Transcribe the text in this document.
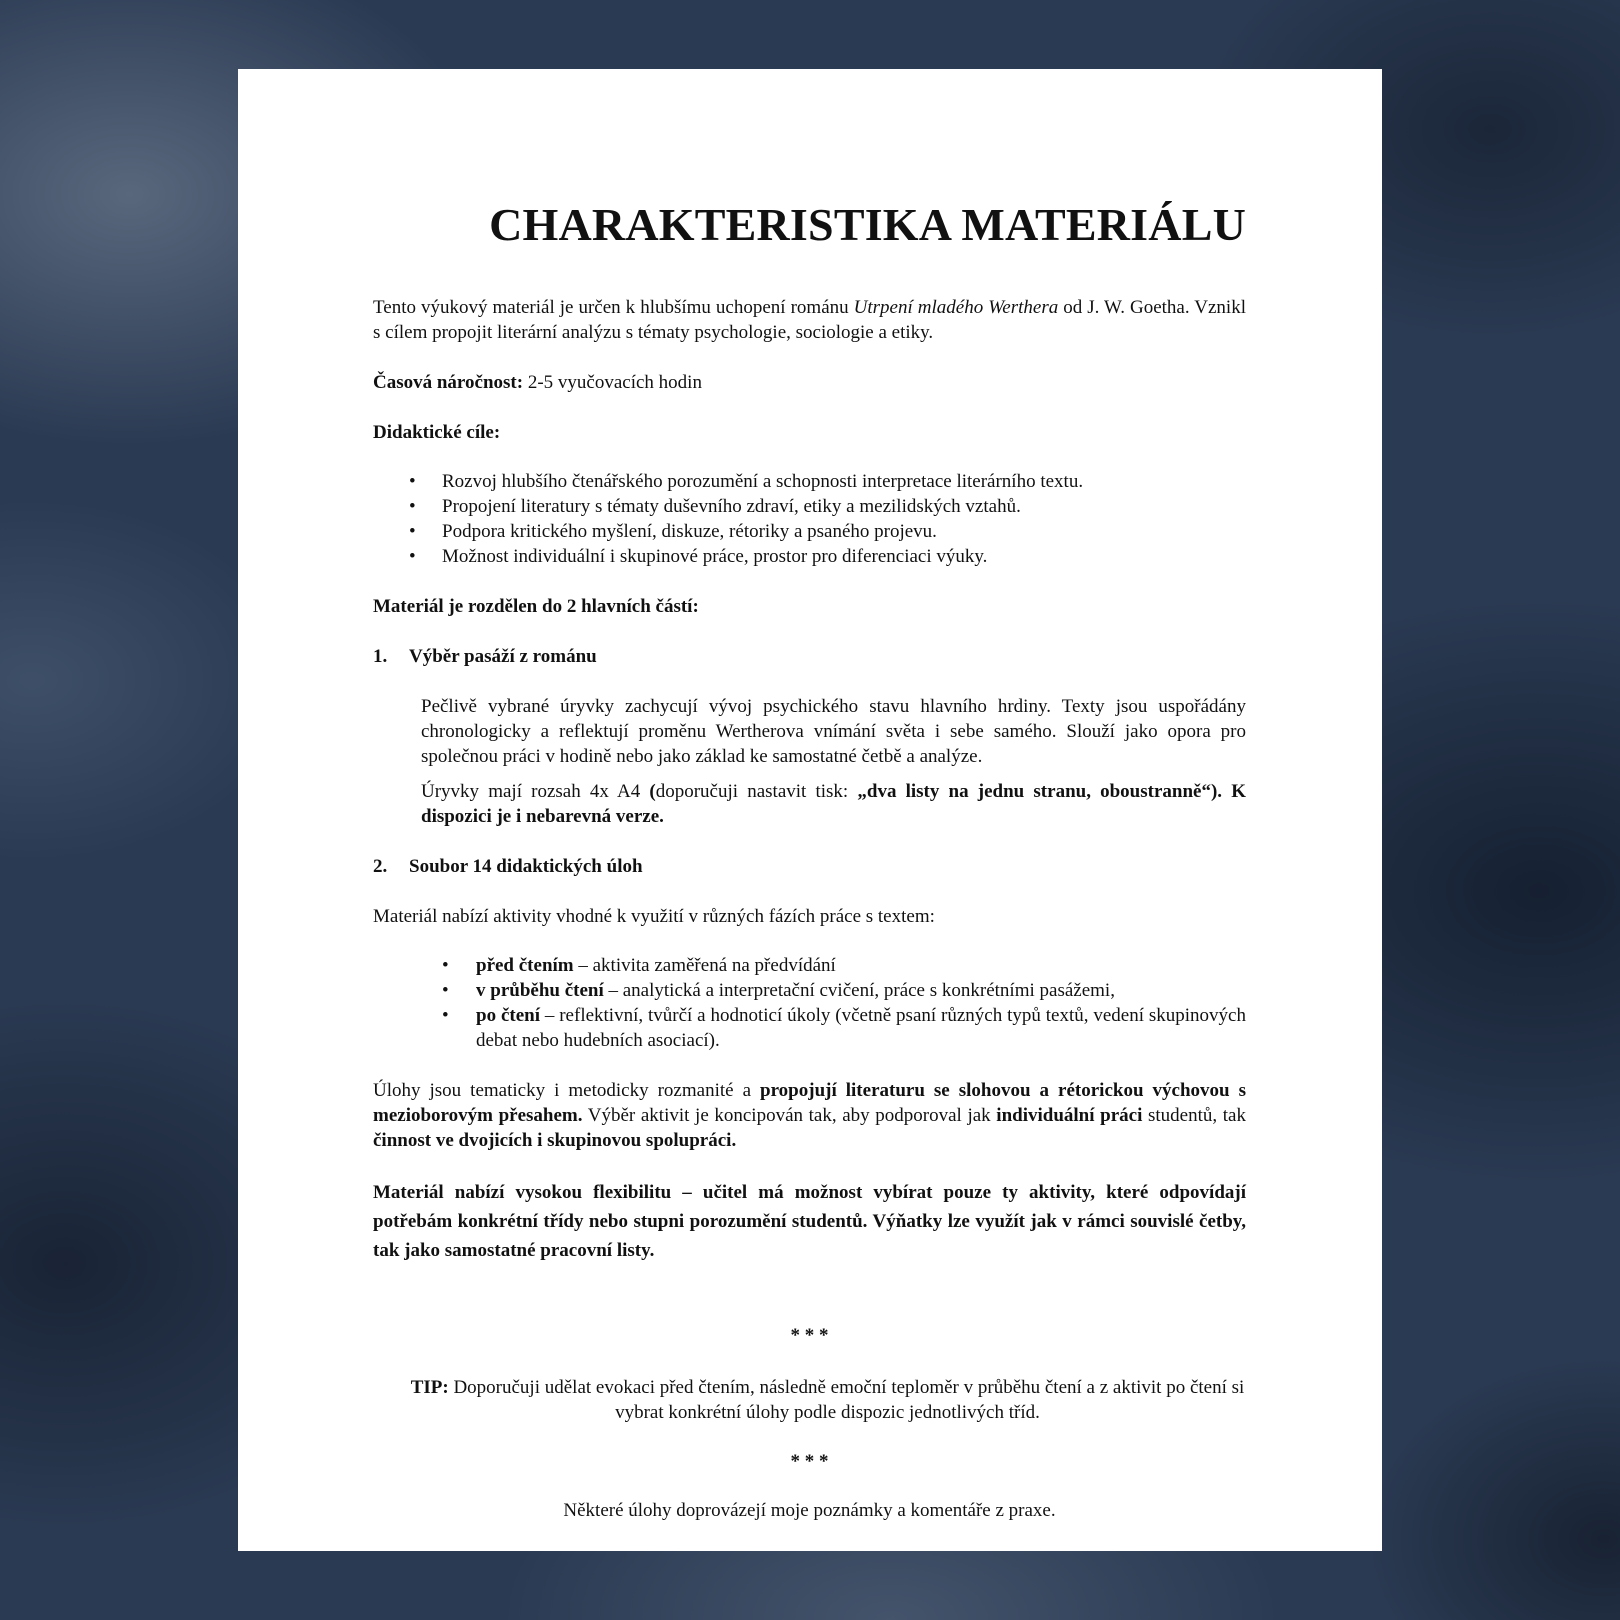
CHARAKTERISTIKA MATERIÁLU

Tento výukový materiál je určen k hlubšímu uchopení románu Utrpení mladého Werthera od J. W. Goetha. Vznikl s cílem propojit literární analýzu s tématy psychologie, sociologie a etiky.

Časová náročnost: 2-5 vyučovacích hodin

Didaktické cíle:

• Rozvoj hlubšího čtenářského porozumění a schopnosti interpretace literárního textu.
• Propojení literatury s tématy duševního zdraví, etiky a mezilidských vztahů.
• Podpora kritického myšlení, diskuze, rétoriky a psaného projevu.
• Možnost individuální i skupinové práce, prostor pro diferenciaci výuky.

Materiál je rozdělen do 2 hlavních částí:

1. Výběr pasáží z románu

Pečlivě vybrané úryvky zachycují vývoj psychického stavu hlavního hrdiny. Texty jsou uspořádány chronologicky a reflektují proměnu Wertherova vnímání světa i sebe samého. Slouží jako opora pro společnou práci v hodině nebo jako základ ke samostatné četbě a analýze.

Úryvky mají rozsah 4x A4 (doporučuji nastavit tisk: „dva listy na jednu stranu, oboustranně“). K dispozici je i nebarevná verze.

2. Soubor 14 didaktických úloh

Materiál nabízí aktivity vhodné k využití v různých fázích práce s textem:

• před čtením – aktivita zaměřená na předvídání
• v průběhu čtení – analytická a interpretační cvičení, práce s konkrétními pasážemi,
• po čtení – reflektivní, tvůrčí a hodnoticí úkoly (včetně psaní různých typů textů, vedení skupinových debat nebo hudebních asociací).

Úlohy jsou tematicky i metodicky rozmanité a propojují literaturu se slohovou a rétorickou výchovou s mezioborovým přesahem. Výběr aktivit je koncipován tak, aby podporoval jak individuální práci studentů, tak činnost ve dvojicích i skupinovou spolupráci.

Materiál nabízí vysokou flexibilitu – učitel má možnost vybírat pouze ty aktivity, které odpovídají potřebám konkrétní třídy nebo stupni porozumění studentů. Výňatky lze využít jak v rámci souvislé četby, tak jako samostatné pracovní listy.

* * *

TIP: Doporučuji udělat evokaci před čtením, následně emoční teploměr v průběhu čtení a z aktivit po čtení si vybrat konkrétní úlohy podle dispozic jednotlivých tříd.

* * *

Některé úlohy doprovázejí moje poznámky a komentáře z praxe.
